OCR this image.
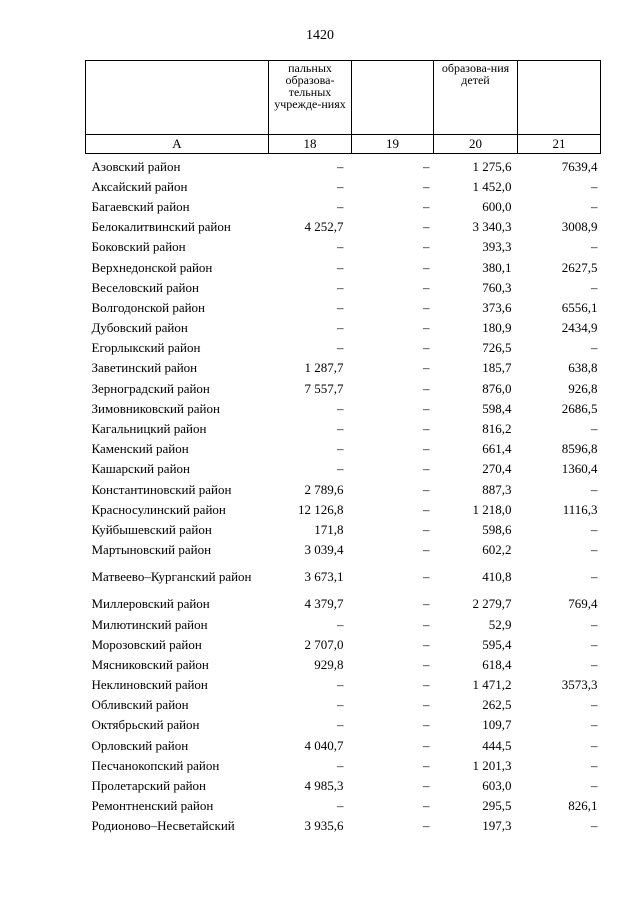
1420
	пальных образова-тельных учрежде-ниях		образова-ния детей	
A	18	19	20	21
Азовский район	–	–	1 275,6	7639,4
Аксайский район	–	–	1 452,0	–
Багаевский район	–	–	600,0	–
Белокалитвинский район	4 252,7	–	3 340,3	3008,9
Боковский район	–	–	393,3	–
Верхнедонской район	–	–	380,1	2627,5
Веселовский район	–	–	760,3	–
Волгодонской район	–	–	373,6	6556,1
Дубовский район	–	–	180,9	2434,9
Егорлыкский район	–	–	726,5	–
Заветинский район	1 287,7	–	185,7	638,8
Зерноградский район	7 557,7	–	876,0	926,8
Зимовниковский район	–	–	598,4	2686,5
Кагальницкий район	–	–	816,2	–
Каменский район	–	–	661,4	8596,8
Кашарский район	–	–	270,4	1360,4
Константиновский район	2 789,6	–	887,3	–
Красносулинский район	12 126,8	–	1 218,0	1116,3
Куйбышевский район	171,8	–	598,6	–
Мартыновский район	3 039,4	–	602,2	–
Матвеево–Курганский район	3 673,1	–	410,8	–
Миллеровский район	4 379,7	–	2 279,7	769,4
Милютинский район	–	–	52,9	–
Морозовский район	2 707,0	–	595,4	–
Мясниковский район	929,8	–	618,4	–
Неклиновский район	–	–	1 471,2	3573,3
Обливский район	–	–	262,5	–
Октябрьский район	–	–	109,7	–
Орловский район	4 040,7	–	444,5	–
Песчанокопский район	–	–	1 201,3	–
Пролетарский район	4 985,3	–	603,0	–
Ремонтненский район	–	–	295,5	826,1
Родионово–Несветайский	3 935,6	–	197,3	–
